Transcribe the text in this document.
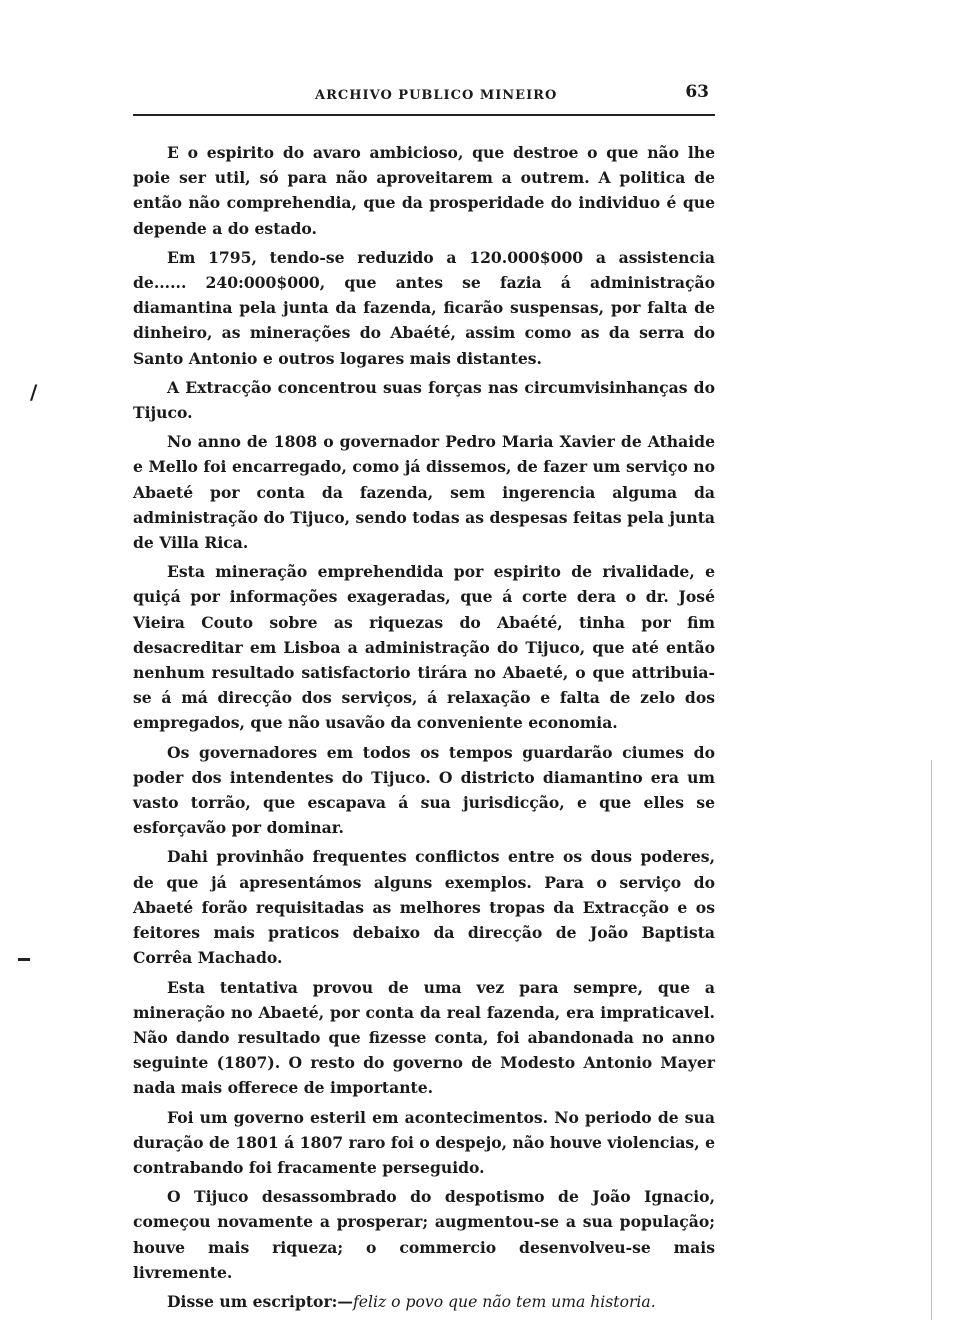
ARCHIVO PUBLICO MINEIRO	63
/

E o espirito do avaro ambicioso, que destroe o que não lhe poie ser util, só para não aproveitarem a outrem. A politica de então não comprehendia, que da prosperidade do individuo é que depende a do estado.

Em 1795, tendo-se reduzido a 120.000$000 a assistencia de...... 240:000$000, que antes se fazia á administração diamantina pela junta da fazenda, ficarão suspensas, por falta de dinheiro, as minerações do Abaété, assim como as da serra do Santo Antonio e outros logares mais distantes.

A Extracção concentrou suas forças nas circumvisinhanças do Tijuco.

No anno de 1808 o governador Pedro Maria Xavier de Athaide e Mello foi encarregado, como já dissemos, de fazer um serviço no Abaeté por conta da fazenda, sem ingerencia alguma da administração do Tijuco, sendo todas as despesas feitas pela junta de Villa Rica.

Esta mineração emprehendida por espirito de rivalidade, e quiçá por informações exageradas, que á corte dera o dr. José Vieira Couto sobre as riquezas do Abaété, tinha por fim desacreditar em Lisboa a administração do Tijuco, que até então nenhum resultado satisfactorio tirára no Abaeté, o que attribuia-se á má direcção dos serviços, á relaxação e falta de zelo dos empregados, que não usavão da conveniente economia.

Os governadores em todos os tempos guardarão ciumes do poder dos intendentes do Tijuco. O districto diamantino era um vasto torrão, que escapava á sua jurisdicção, e que elles se esforçavão por dominar.

Dahi provinhão frequentes conflictos entre os dous poderes, de que já apresentámos alguns exemplos. Para o serviço do Abaeté forão requisitadas as melhores tropas da Extracção e os feitores mais praticos debaixo da direcção de João Baptista Corrêa Machado.

Esta tentativa provou de uma vez para sempre, que a mineração no Abaeté, por conta da real fazenda, era impraticavel. Não dando resultado que fizesse conta, foi abandonada no anno seguinte (1807). O resto do governo de Modesto Antonio Mayer nada mais offerece de importante.

Foi um governo esteril em acontecimentos. No periodo de sua duração de 1801 á 1807 raro foi o despejo, não houve violencias, e contrabando foi fracamente perseguido.

O Tijuco desassombrado do despotismo de João Ignacio, começou novamente a prosperar; augmentou-se a sua população; houve mais riqueza; o commercio desenvolveu-se mais livremente.

Disse um escriptor:—feliz o povo que não tem uma historia.
